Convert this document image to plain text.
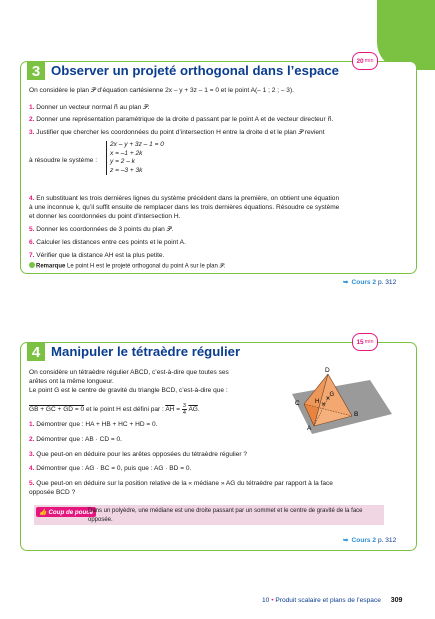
20 min
3 Observer un projeté orthogonal dans l’espace
On considère le plan 𝒫 d’équation cartésienne 2x – y + 3z – 1 = 0 et le point A(– 1 ; 2 ; – 3).
1. Donner un vecteur normal n⃗ au plan 𝒫.
2. Donner une représentation paramétrique de la droite d passant par le point A et de vecteur directeur n⃗.
3. Justifier que chercher les coordonnées du point d’intersection H entre la droite d et le plan 𝒫 revient
à résoudre le système :
2x – y + 3z – 1 = 0
x = –1 + 2k
y = 2 – k
z = –3 + 3k
4. En substituant les trois dernières lignes du système précédent dans la première, on obtient une équation
à une inconnue k, qu’il suffit ensuite de remplacer dans les trois dernières équations. Résoudre ce système
et donner les coordonnées du point d’intersection H.
5. Donner les coordonnées de 3 points du plan 𝒫.
6. Calculer les distances entre ces points et le point A.
7. Vérifier que la distance AH est la plus petite.
Remarque Le point H est le projeté orthogonal du point A sur le plan 𝒫.
➥ Cours 2 p. 312
15 min
4 Manipuler le tétraèdre régulier
On considère un tétraèdre régulier ABCD, c’est-à-dire que toutes ses
arêtes ont la même longueur.
Le point G est le centre de gravité du triangle BCD, c’est-à-dire que :
GB + GC + GD = 0 et le point H est défini par : $\overline{AH} = \frac{3}{4} \overline{AG}$.
1. Démontrer que : HA + HB + HC + HD = 0.
2. Démontrer que : AB · CD = 0.
3. Que peut-on en déduire pour les arêtes opposées du tétraèdre régulier ?
4. Démontrer que : AG · BC = 0, puis que : AG · BD = 0.
5. Que peut-on en déduire sur la position relative de la « médiane » AG du tétraèdre par rapport à la face
opposée BCD ?
👍 Coup de pouce
Dans un polyèdre, une médiane est une droite passant par un sommet et le centre de gravité de la face
opposée.
➥ Cours 2 p. 312
D
C	H
G
B
A
10 • Produit scalaire et plans de l’espace 309
